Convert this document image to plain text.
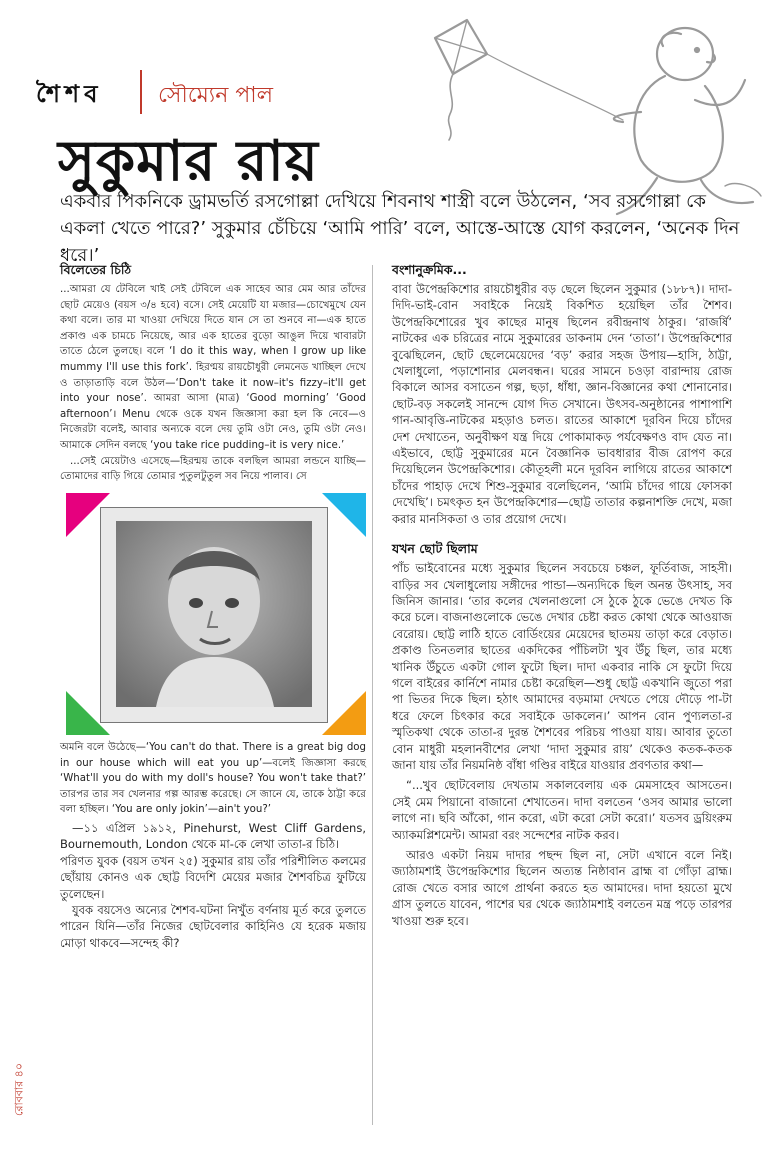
শৈশব	সৌম্যেন পাল
সুকুমার রায়
একবার পিকনিকে ড্রামভর্তি রসগোল্লা দেখিয়ে শিবনাথ শাস্ত্রী বলে উঠলেন, ‘সব রসগোল্লা কে একলা খেতে পারে?’ সুকুমার চেঁচিয়ে ‘আমি পারি’ বলে, আস্তে-আস্তে যোগ করলেন, ‘অনেক দিন ধরে।’
বিলেতের চিঠি
...আমরা যে টেবিলে খাই সেই টেবিলে এক সাহেব আর মেম আর তাঁদের ছোট মেয়েও (বয়স ৩/৪ হবে) বসে। সেই মেয়েটি যা মজার—চোখেমুখে যেন কথা বলে। তার মা খাওয়া দেখিয়ে দিতে যান সে তা শুনবে না—এক হাতে প্রকাণ্ড এক চামচে নিয়েছে, আর এক হাতের বুড়ো আঙুল দিয়ে খাবারটা তাতে ঠেলে তুলছে। বলে ‘I do it this way, when I grow up like mummy I'll use this fork’. হিরণ্ময় রায়চৌধুরী লেমনেড খাচ্ছিল দেখে ও তাড়াতাড়ি বলে উঠল—‘Don't take it now–it's fizzy–it'll get into your nose’. আমরা আসা (মাত্র) ‘Good morning’ ‘Good afternoon’। Menu থেকে ওকে যখন জিজ্ঞাসা করা হল কি নেবে—ও নিজেরটা বলেই, আবার অন্যকে বলে দেয় তুমি ওটা নেও, তুমি ওটা নেও। আমাকে সেদিন বলছে ‘you take rice pudding–it is very nice.’
...সেই মেয়েটাও এসেছে—হিরন্ময় তাকে বলছিল আমরা লন্ডনে যাচ্ছি—তোমাদের বাড়ি গিয়ে তোমার পুতুলটুতুল সব নিয়ে পালাব। সে
অমনি বলে উঠেছে—‘You can't do that. There is a great big dog in our house which will eat you up’—বলেই জিজ্ঞাসা করছে ‘What'll you do with my doll's house? You won't take that?’ তারপর তার সব খেলনার গল্প আরম্ভ করেছে। সে জানে যে, তাকে ঠাট্টা করে বলা হচ্ছিল। ‘You are only jokin’—ain't you?’
—১১ এপ্রিল ১৯১২, Pinehurst, West Cliff Gardens, Bournemouth, London থেকে মা-কে লেখা তাতা-র চিঠি।
পরিণত যুবক (বয়স তখন ২৫) সুকুমার রায় তাঁর পরিশীলিত কলমের ছোঁয়ায় কোনও এক ছোট্ট বিদেশি মেয়ের মজার শৈশবচিত্র ফুটিয়ে তুলেছেন।
যুবক বয়সেও অন্যের শৈশব-ঘটনা নিখুঁত বর্ণনায় মূর্ত করে তুলতে পারেন যিনি—তাঁর নিজের ছোটবেলার কাহিনিও যে হরেক মজায় মোড়া থাকবে—সন্দেহ কী?
বংশানুক্রমিক...
বাবা উপেন্দ্রকিশোর রায়চৌধুরীর বড় ছেলে ছিলেন সুকুমার (১৮৮৭)। দাদা-দিদি-ভাই-বোন সবাইকে নিয়েই বিকশিত হয়েছিল তাঁর শৈশব। উপেন্দ্রকিশোরের খুব কাছের মানুষ ছিলেন রবীন্দ্রনাথ ঠাকুর। ‘রাজর্ষি’ নাটকের এক চরিত্রের নামে সুকুমারের ডাকনাম দেন ‘তাতা’। উপেন্দ্রকিশোর বুঝেছিলেন, ছোট ছেলেমেয়েদের ‘বড়’ করার সহজ উপায়—হাসি, ঠাট্টা, খেলাধুলো, পড়াশোনার মেলবন্ধন। ঘরের সামনে চওড়া বারান্দায় রোজ বিকালে আসর বসাতেন গল্প, ছড়া, ধাঁধা, জ্ঞান-বিজ্ঞানের কথা শোনানোর। ছোট-বড় সকলেই সানন্দে যোগ দিত সেখানে। উৎসব-অনুষ্ঠানের পাশাপাশি গান-আবৃত্তি-নাটকের মহড়াও চলত। রাতের আকাশে দূরবিন দিয়ে চাঁদের দেশ দেখাতেন, অনুবীক্ষণ যন্ত্র দিয়ে পোকামাকড় পর্যবেক্ষণও বাদ যেত না। এইভাবে, ছোট্ট সুকুমারের মনে বৈজ্ঞানিক ভাবধারার বীজ রোপণ করে দিয়েছিলেন উপেন্দ্রকিশোর। কৌতূহলী মনে দূরবিন লাগিয়ে রাতের আকাশে চাঁদের পাহাড় দেখে শিশু-সুকুমার বলেছিলেন, ‘আমি চাঁদের গায়ে ফোসকা দেখেছি’। চমৎকৃত হন উপেন্দ্রকিশোর—ছোট্ট তাতার কল্পনাশক্তি দেখে, মজা করার মানসিকতা ও তার প্রয়োগ দেখে।
যখন ছোট ছিলাম
পাঁচ ভাইবোনের মধ্যে সুকুমার ছিলেন সবচেয়ে চঞ্চল, ফূর্তিবাজ, সাহসী। বাড়ির সব খেলাধুলোয় সঙ্গীদের পান্ডা—অন্যদিকে ছিল অনন্ত উৎসাহ, সব জিনিস জানার। ‘তার কলের খেলনাগুলো সে ঠুকে ঠুকে ভেঙে দেখত কি করে চলে। বাজনাগুলোকে ভেঙে দেখার চেষ্টা করত কোথা থেকে আওয়াজ বেরোয়। ছোট্ট লাঠি হাতে বোর্ডিংয়ের মেয়েদের ছাতময় তাড়া করে বেড়াত। প্রকাণ্ড তিনতলার ছাতের একদিকের পাঁচিলটা খুব উঁচু ছিল, তার মধ্যে খানিক উঁচুতে একটা গোল ফুটো ছিল। দাদা একবার নাকি সে ফুটো দিয়ে গলে বাইরের কার্নিশে নামার চেষ্টা করেছিল—শুধু ছোট্ট একখানি জুতো পরা পা ভিতর দিকে ছিল। হঠাৎ আমাদের বড়মামা দেখতে পেয়ে দৌড়ে পা-টা ধরে ফেলে চিৎকার করে সবাইকে ডাকলেন।’ আপন বোন পুণ্যলতা-র স্মৃতিকথা থেকে তাতা-র দুরন্ত শৈশবের পরিচয় পাওয়া যায়। আবার তুতো বোন মাধুরী মহলানবীশের লেখা ‘দাদা সুকুমার রায়’ থেকেও কতক-কতক জানা যায় তাঁর নিয়মনিষ্ঠ বাঁধা গণ্ডির বাইরে যাওয়ার প্রবণতার কথা—
“...খুব ছোটবেলায় দেখতাম সকালবেলায় এক মেমসাহেব আসতেন। সেই মেম পিয়ানো বাজানো শেখাতেন। দাদা বলতেন ‘ওসব আমার ভালো লাগে না। ছবি আঁকো, গান করো, এটা করো সেটা করো।’ যতসব ড্রয়িংরুম অ্যাকমপ্লিশমেন্ট। আমরা বরং সন্দেশের নাটক করব।
আরও একটা নিয়ম দাদার পছন্দ ছিল না, সেটা এখানে বলে নিই। জ্যাঠামশাই উপেন্দ্রকিশোর ছিলেন অত্যন্ত নিষ্ঠাবান ব্রাহ্ম বা গোঁড়া ব্রাহ্ম। রোজ খেতে বসার আগে প্রার্থনা করতে হত আমাদের। দাদা হয়তো মুখে গ্রাস তুলতে যাবেন, পাশের ঘর থেকে জ্যাঠামশাই বলতেন মন্ত্র পড়ে তারপর খাওয়া শুরু হবে।
রোববার ৪০
